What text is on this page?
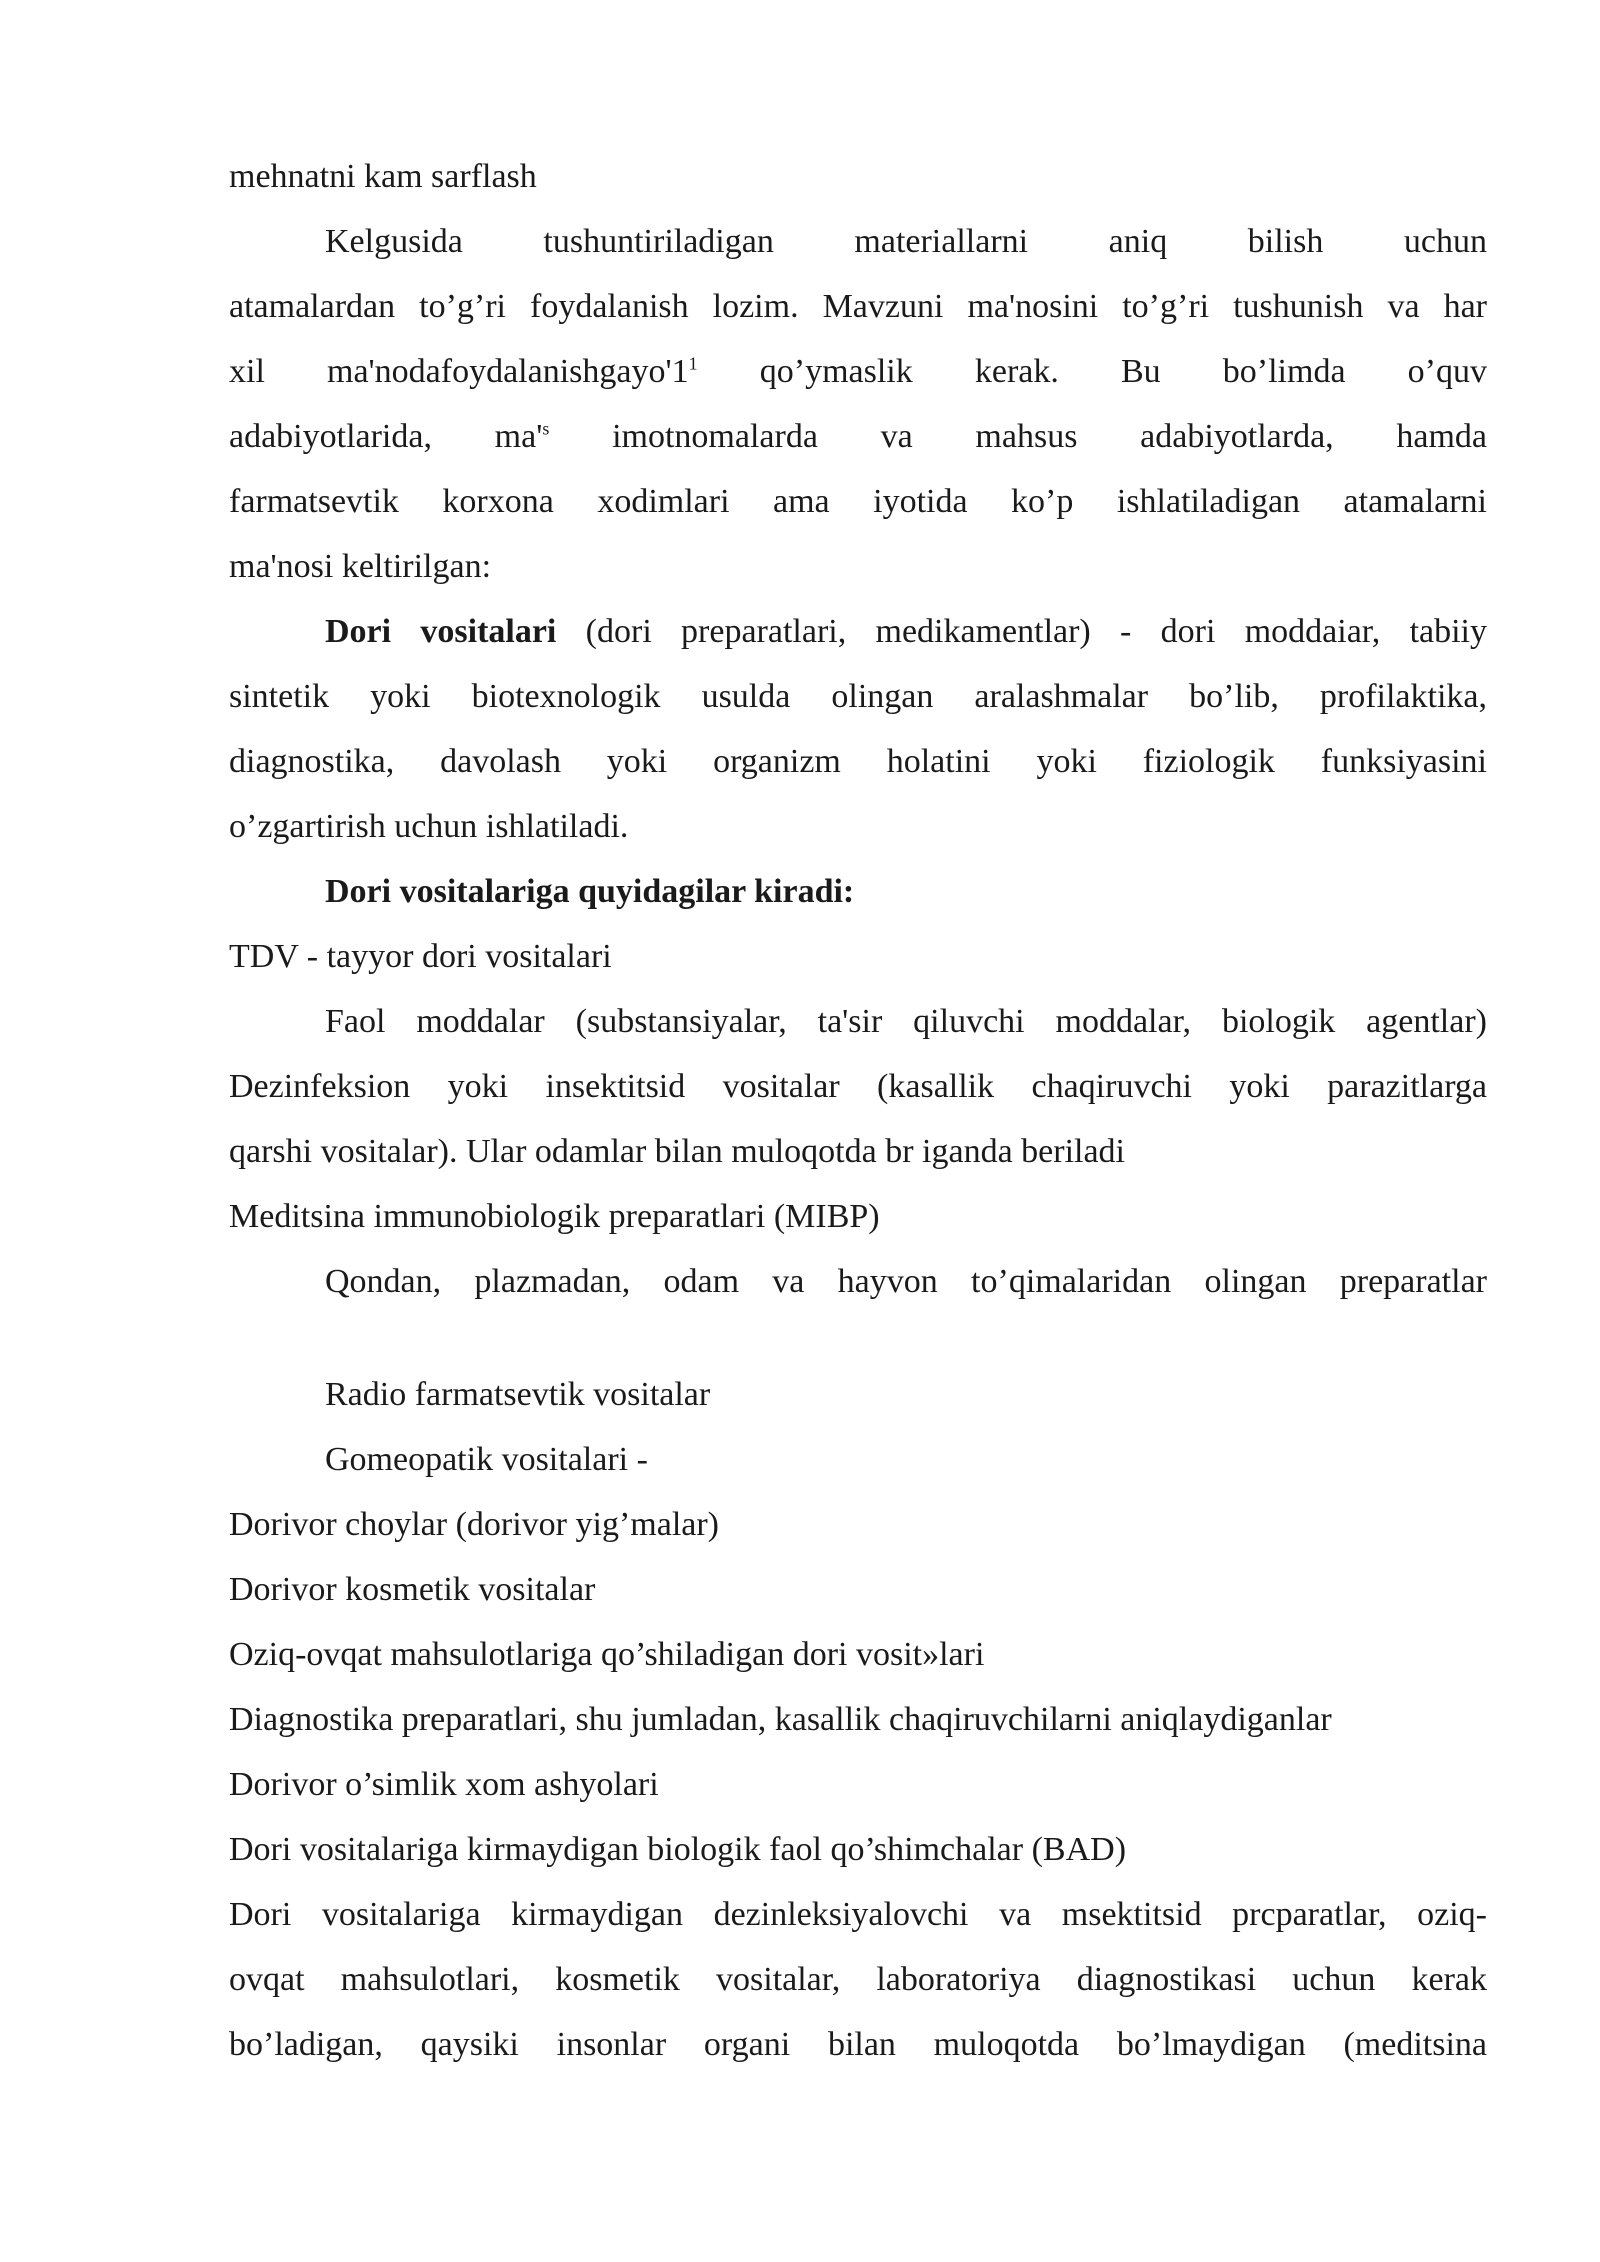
mehnatni kam sarflash

Kelgusida tushuntiriladigan materiallarni aniq bilish uchun

atamalardan to’g’ri foydalanish lozim. Mavzuni ma'nosini to’g’ri tushunish va har

xil $ma'nodafoydalanishgayo'1^1$ qo’ymaslik kerak. Bu bo’limda o’quv

adabiyotlarida, $ma'^s$ imotnomalarda va mahsus adabiyotlarda, hamda

farmatsevtik korxona xodimlari ama iyotida ko’p ishlatiladigan atamalarni

ma'nosi keltirilgan:

Dori vositalari (dori preparatlari, medikamentlar) - dori moddaiar, tabiiy

sintetik yoki biotexnologik usulda olingan aralashmalar bo’lib, profilaktika,

diagnostika, davolash yoki organizm holatini yoki fiziologik funksiyasini

o’zgartirish uchun ishlatiladi.

Dori vositalariga quyidagilar kiradi:

TDV - tayyor dori vositalari

Faol moddalar (substansiyalar, ta'sir qiluvchi moddalar, biologik agentlar)

Dezinfeksion yoki insektitsid vositalar (kasallik chaqiruvchi yoki parazitlarga

qarshi vositalar). Ular odamlar bilan muloqotda br iganda beriladi

Meditsina immunobiologik preparatlari (MIBP)

Qondan, plazmadan, odam va hayvon to’qimalaridan olingan preparatlar

Radio farmatsevtik vositalar

Gomeopatik vositalari -

Dorivor choylar (dorivor yig’malar)

Dorivor kosmetik vositalar

Oziq-ovqat mahsulotlariga qo’shiladigan dori vosit»lari

Diagnostika preparatlari, shu jumladan, kasallik chaqiruvchilarni aniqlaydiganlar

Dorivor o’simlik xom ashyolari

Dori vositalariga kirmaydigan biologik faol qo’shimchalar (BAD)

Dori vositalariga kirmaydigan dezinleksiyalovchi va msektitsid prcparatlar, oziq-

ovqat mahsulotlari, kosmetik vositalar, laboratoriya diagnostikasi uchun kerak

bo’ladigan, qaysiki insonlar organi bilan muloqotda bo’lmaydigan (meditsina
